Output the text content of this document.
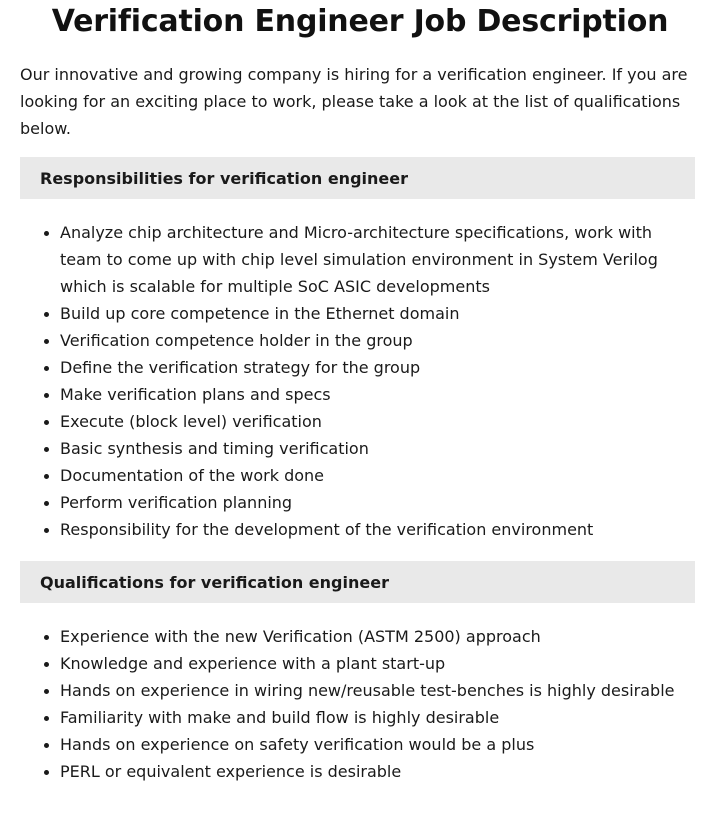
Verification Engineer Job Description

Our innovative and growing company is hiring for a verification engineer. If you are looking for an exciting place to work, please take a look at the list of qualifications below.

Responsibilities for verification engineer
Analyze chip architecture and Micro-architecture specifications, work with team to come up with chip level simulation environment in System Verilog which is scalable for multiple SoC ASIC developments
Build up core competence in the Ethernet domain
Verification competence holder in the group
Define the verification strategy for the group
Make verification plans and specs
Execute (block level) verification
Basic synthesis and timing verification
Documentation of the work done
Perform verification planning
Responsibility for the development of the verification environment
Qualifications for verification engineer
Experience with the new Verification (ASTM 2500) approach
Knowledge and experience with a plant start-up
Hands on experience in wiring new/reusable test-benches is highly desirable
Familiarity with make and build flow is highly desirable
Hands on experience on safety verification would be a plus
PERL or equivalent experience is desirable
